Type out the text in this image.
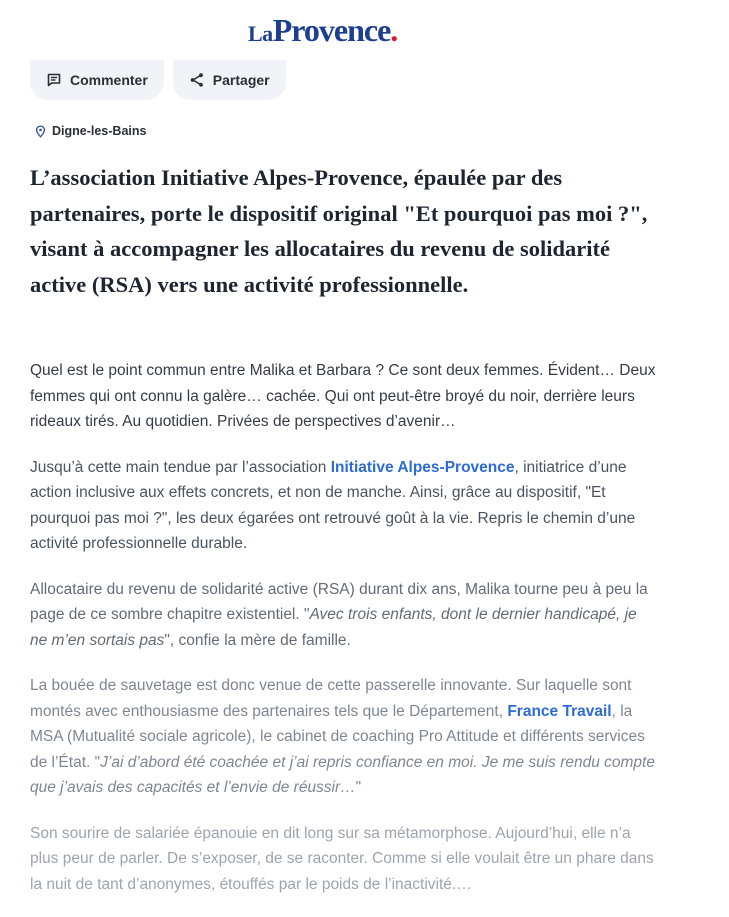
LaProvence.
Commenter	Partager
Digne-les-Bains
L’association Initiative Alpes-Provence, épaulée par des partenaires, porte le dispositif original "Et pourquoi pas moi ?", visant à accompagner les allocataires du revenu de solidarité active (RSA) vers une activité professionnelle.

Quel est le point commun entre Malika et Barbara ? Ce sont deux femmes. Évident… Deux femmes qui ont connu la galère… cachée. Qui ont peut-être broyé du noir, derrière leurs rideaux tirés. Au quotidien. Privées de perspectives d’avenir…

Jusqu’à cette main tendue par l’association Initiative Alpes-Provence, initiatrice d’une action inclusive aux effets concrets, et non de manche. Ainsi, grâce au dispositif, "Et pourquoi pas moi ?", les deux égarées ont retrouvé goût à la vie. Repris le chemin d’une activité professionnelle durable.

Allocataire du revenu de solidarité active (RSA) durant dix ans, Malika tourne peu à peu la page de ce sombre chapitre existentiel. "Avec trois enfants, dont le dernier handicapé, je ne m’en sortais pas", confie la mère de famille.

La bouée de sauvetage est donc venue de cette passerelle innovante. Sur laquelle sont montés avec enthousiasme des partenaires tels que le Département, France Travail, la MSA (Mutualité sociale agricole), le cabinet de coaching Pro Attitude et différents services de l’État. "J’ai d’abord été coachée et j’ai repris confiance en moi. Je me suis rendu compte que j’avais des capacités et l’envie de réussir…"

Son sourire de salariée épanouie en dit long sur sa métamorphose. Aujourd’hui, elle n’a plus peur de parler. De s’exposer, de se raconter. Comme si elle voulait être un phare dans la nuit de tant d’anonymes, étouffés par le poids de l’inactivité.…
